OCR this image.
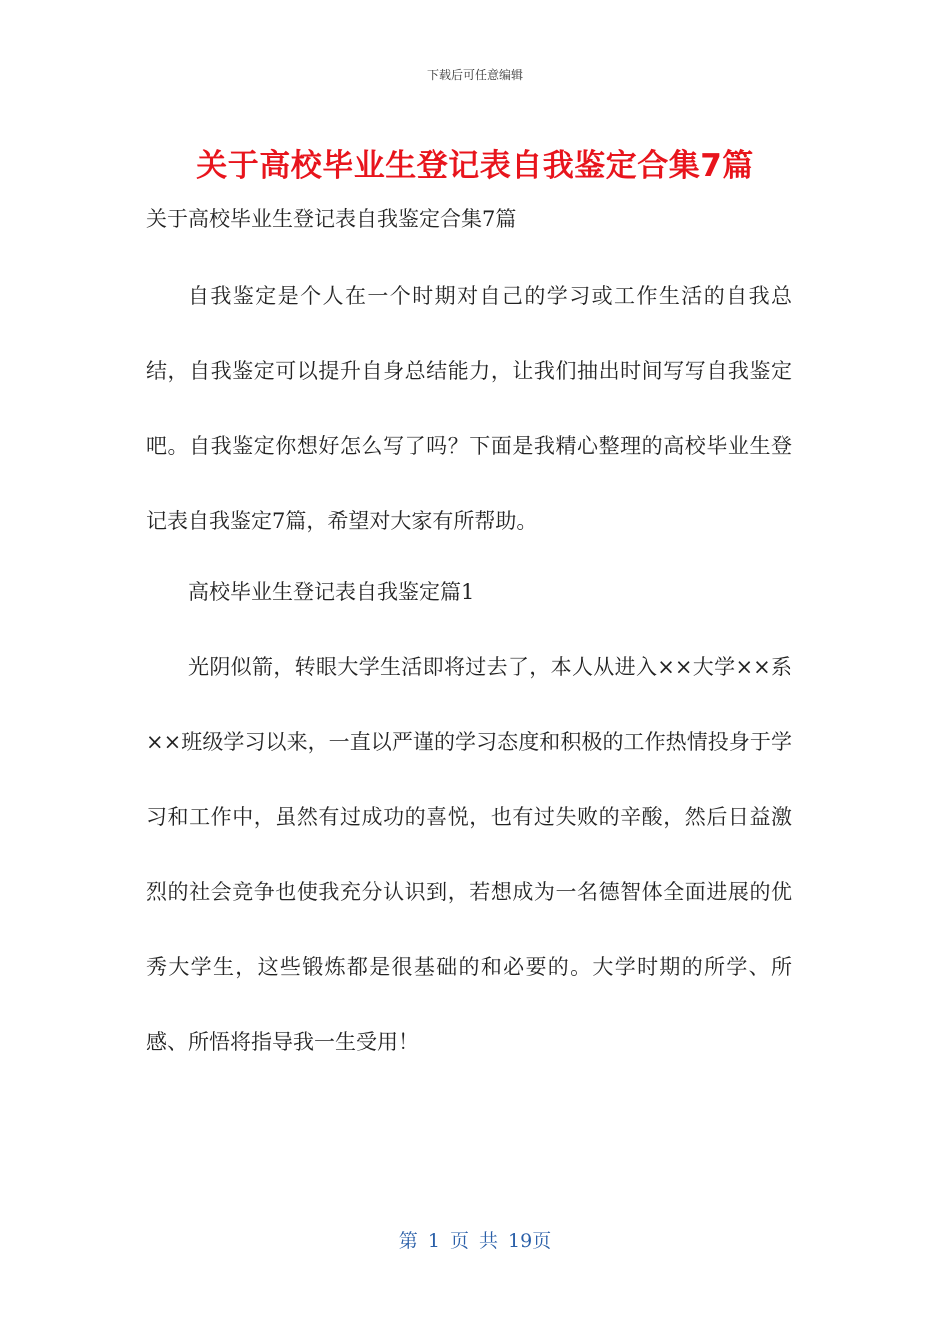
下载后可任意编辑
关于高校毕业生登记表自我鉴定合集7篇
关于高校毕业生登记表自我鉴定合集7篇

自我鉴定是个人在一个时期对自己的学习或工作生活的自我总结，自我鉴定可以提升自身总结能力，让我们抽出时间写写自我鉴定吧。自我鉴定你想好怎么写了吗？下面是我精心整理的高校毕业生登记表自我鉴定7篇，希望对大家有所帮助。

高校毕业生登记表自我鉴定篇1

光阴似箭，转眼大学生活即将过去了，本人从进入××大学××系××班级学习以来，一直以严谨的学习态度和积极的工作热情投身于学习和工作中，虽然有过成功的喜悦，也有过失败的辛酸，然后日益激烈的社会竞争也使我充分认识到，若想成为一名德智体全面进展的优秀大学生，这些锻炼都是很基础的和必要的。大学时期的所学、所感、所悟将指导我一生受用！

第 1 页 共 19页
